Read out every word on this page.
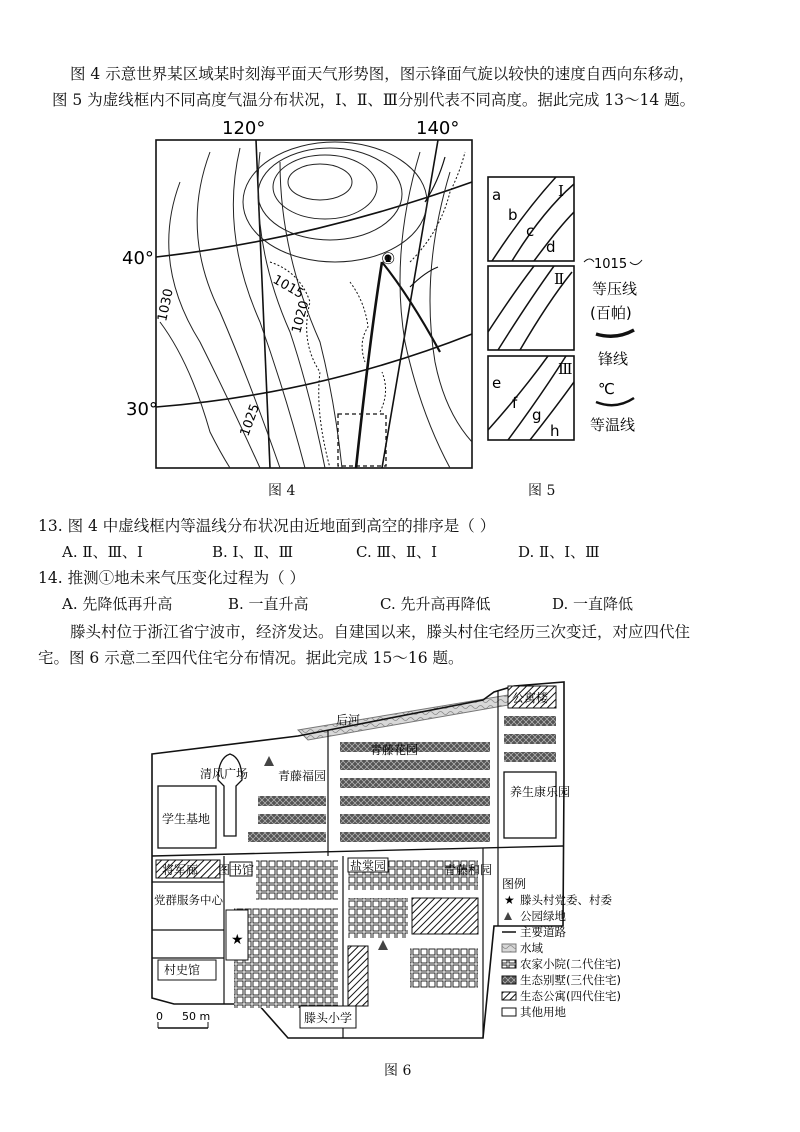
图 4 示意世界某区域某时刻海平面天气形势图，图示锋面气旋以较快的速度自西向东移动，
图 5 为虚线框内不同高度气温分布状况，Ⅰ、Ⅱ、Ⅲ分别代表不同高度。据此完成 13～14 题。
120°	140°
40°
30°
1030
1015
1020
1025
①
图 4
a
b
c
d
Ⅰ
Ⅱ
Ⅲ
e
f
g
h
1015
等压线
(百帕)
锋线
℃
等温线
图 5
13. 图 4 中虚线框内等温线分布状况由近地面到高空的排序是（ ）
A. Ⅱ、Ⅲ、Ⅰ	B. Ⅰ、Ⅱ、Ⅲ	C. Ⅲ、Ⅱ、Ⅰ	D. Ⅱ、Ⅰ、Ⅲ
14. 推测①地未来气压变化过程为（ ）
A. 先降低再升高	B. 一直升高	C. 先升高再降低	D. 一直降低
滕头村位于浙江省宁波市，经济发达。自建国以来，滕头村住宅经历三次变迁，对应四代住
宅。图 6 示意二至四代住宅分布情况。据此完成 15～16 题。
后河
学生基地
养生康乐园
公寓楼
清风广场
青藤花园
青藤福园
将军廊
党群服务中心
村史馆
图书馆	盐棠园	青藤和园
★
滕头小学
0 50 m
图例
★ 滕头村党委、村委
公园绿地
主要道路
水域
农家小院(二代住宅)
生态别墅(三代住宅)
生态公寓(四代住宅)
其他用地
图 6
